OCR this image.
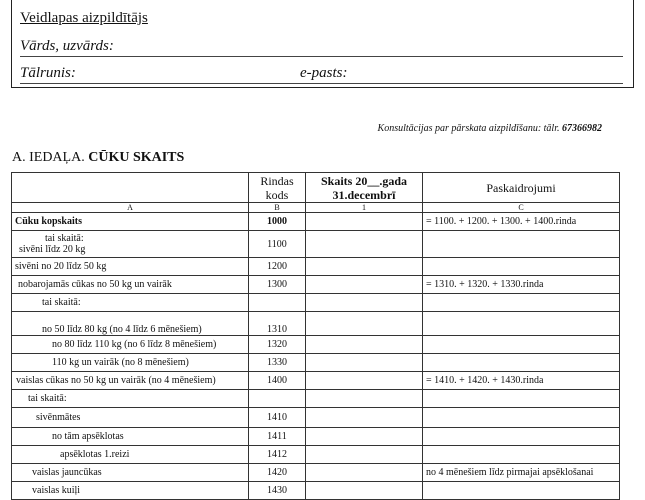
Veidlapas aizpildītājs
Vārds, uzvārds:
Tālrunis:	e-pasts:
Konsultācijas par pārskata aizpildīšanu: tālr. 67366982
A. IEDAĻA. CŪKU SKAITS
	Rindas kods	Skaits 20__.gada 31.decembrī	Paskaidrojumi
A	B	1	C
Cūku kopskaits	1000		= 1100. + 1200. + 1300. + 1400.rinda

tai skaitā:
sivēni līdz 20 kg	1100		
sivēni no 20 līdz 50 kg	1200		
nobarojamās cūkas no 50 kg un vairāk	1300		= 1310. + 1320. + 1330.rinda
tai skaitā:			
no 50 līdz 80 kg (no 4 līdz 6 mēnešiem)	1310		
no 80 līdz 110 kg (no 6 līdz 8 mēnešiem)	1320		
110 kg un vairāk (no 8 mēnešiem)	1330		
vaislas cūkas no 50 kg un vairāk (no 4 mēnešiem)	1400		= 1410. + 1420. + 1430.rinda
tai skaitā:			
sivēnmātes	1410		
no tām apsēklotas	1411		
apsēklotas 1.reizi	1412		
vaislas jauncūkas	1420		no 4 mēnešiem līdz pirmajai apsēklošanai
vaislas kuiļi	1430		
